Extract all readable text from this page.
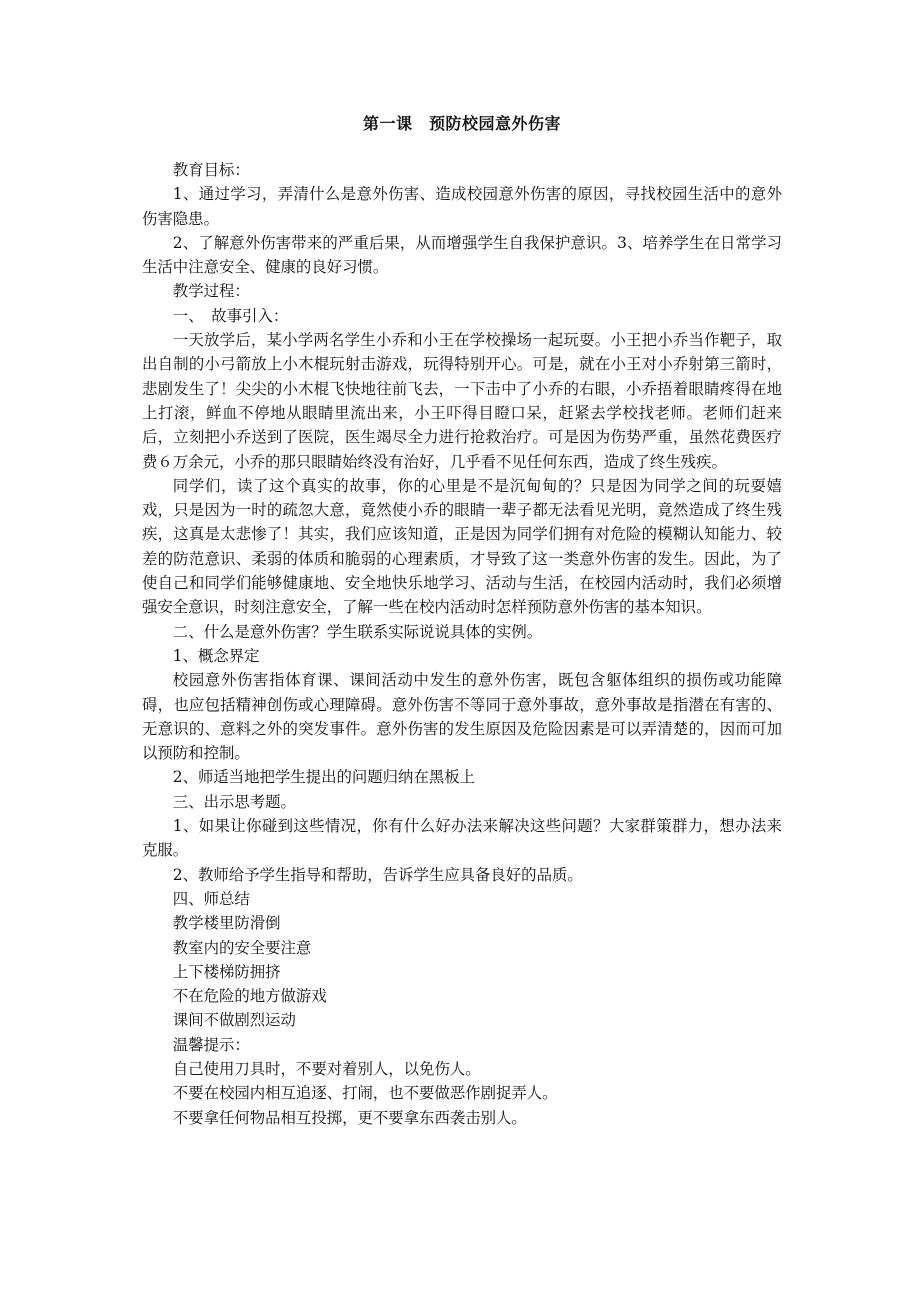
第一课　预防校园意外伤害

教育目标：

1、通过学习，弄清什么是意外伤害、造成校园意外伤害的原因，寻找校园生活中的意外伤害隐患。

2、了解意外伤害带来的严重后果，从而增强学生自我保护意识。3、培养学生在日常学习生活中注意安全、健康的良好习惯。

教学过程：

一、　故事引入：

一天放学后，某小学两名学生小乔和小王在学校操场一起玩耍。小王把小乔当作靶子，取出自制的小弓箭放上小木棍玩射击游戏，玩得特别开心。可是，就在小王对小乔射第三箭时，悲剧发生了！尖尖的小木棍飞快地往前飞去，一下击中了小乔的右眼，小乔捂着眼睛疼得在地上打滚，鲜血不停地从眼睛里流出来，小王吓得目瞪口呆，赶紧去学校找老师。老师们赶来后，立刻把小乔送到了医院，医生竭尽全力进行抢救治疗。可是因为伤势严重，虽然花费医疗费６万余元，小乔的那只眼睛始终没有治好，几乎看不见任何东西，造成了终生残疾。

同学们，读了这个真实的故事，你的心里是不是沉甸甸的？只是因为同学之间的玩耍嬉戏，只是因为一时的疏忽大意，竟然使小乔的眼睛一辈子都无法看见光明，竟然造成了终生残疾，这真是太悲惨了！其实，我们应该知道，正是因为同学们拥有对危险的模糊认知能力、较差的防范意识、柔弱的体质和脆弱的心理素质，才导致了这一类意外伤害的发生。因此，为了使自己和同学们能够健康地、安全地快乐地学习、活动与生活，在校园内活动时，我们必须增强安全意识，时刻注意安全，了解一些在校内活动时怎样预防意外伤害的基本知识。

二、什么是意外伤害？学生联系实际说说具体的实例。

1、概念界定

校园意外伤害指体育课、课间活动中发生的意外伤害，既包含躯体组织的损伤或功能障碍，也应包括精神创伤或心理障碍。意外伤害不等同于意外事故，意外事故是指潜在有害的、无意识的、意料之外的突发事件。意外伤害的发生原因及危险因素是可以弄清楚的，因而可加以预防和控制。

2、师适当地把学生提出的问题归纳在黑板上

三、出示思考题。

1、如果让你碰到这些情况，你有什么好办法来解决这些问题？大家群策群力，想办法来克服。

2、教师给予学生指导和帮助，告诉学生应具备良好的品质。

四、师总结

教学楼里防滑倒

教室内的安全要注意

上下楼梯防拥挤

不在危险的地方做游戏

课间不做剧烈运动

温馨提示：

自己使用刀具时，不要对着别人，以免伤人。

不要在校园内相互追逐、打闹，也不要做恶作剧捉弄人。

不要拿任何物品相互投掷，更不要拿东西袭击别人。
